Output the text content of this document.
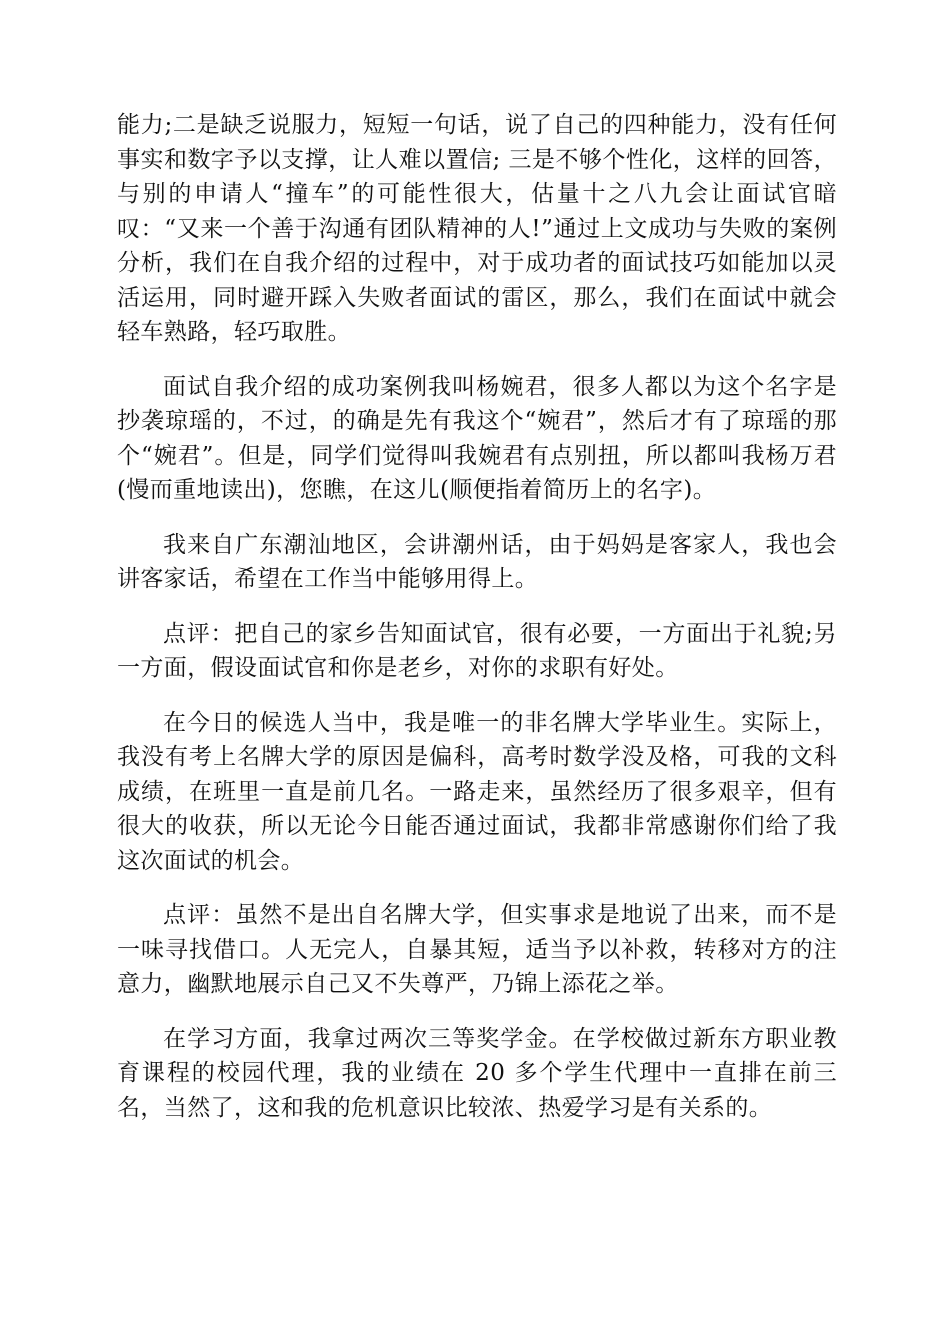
能力;二是缺乏说服力，短短一句话，说了自己的四种能力，没有任何事实和数字予以支撑，让人难以置信; 三是不够个性化，这样的回答，与别的申请人“撞车”的可能性很大，估量十之八九会让面试官暗叹：“又来一个善于沟通有团队精神的人!”通过上文成功与失败的案例分析，我们在自我介绍的过程中，对于成功者的面试技巧如能加以灵活运用，同时避开踩入失败者面试的雷区，那么，我们在面试中就会轻车熟路，轻巧取胜。

面试自我介绍的成功案例我叫杨婉君，很多人都以为这个名字是抄袭琼瑶的，不过，的确是先有我这个“婉君”，然后才有了琼瑶的那个“婉君”。但是，同学们觉得叫我婉君有点别扭，所以都叫我杨万君(慢而重地读出)，您瞧，在这儿(顺便指着简历上的名字)。

我来自广东潮汕地区，会讲潮州话，由于妈妈是客家人，我也会讲客家话，希望在工作当中能够用得上。

点评：把自己的家乡告知面试官，很有必要，一方面出于礼貌;另一方面，假设面试官和你是老乡，对你的求职有好处。

在今日的候选人当中，我是唯一的非名牌大学毕业生。实际上，我没有考上名牌大学的原因是偏科，高考时数学没及格，可我的文科成绩，在班里一直是前几名。一路走来，虽然经历了很多艰辛，但有很大的收获，所以无论今日能否通过面试，我都非常感谢你们给了我这次面试的机会。

点评：虽然不是出自名牌大学，但实事求是地说了出来，而不是一味寻找借口。人无完人，自暴其短，适当予以补救，转移对方的注意力，幽默地展示自己又不失尊严，乃锦上添花之举。

在学习方面，我拿过两次三等奖学金。在学校做过新东方职业教育课程的校园代理，我的业绩在 20 多个学生代理中一直排在前三名，当然了，这和我的危机意识比较浓、热爱学习是有关系的。
